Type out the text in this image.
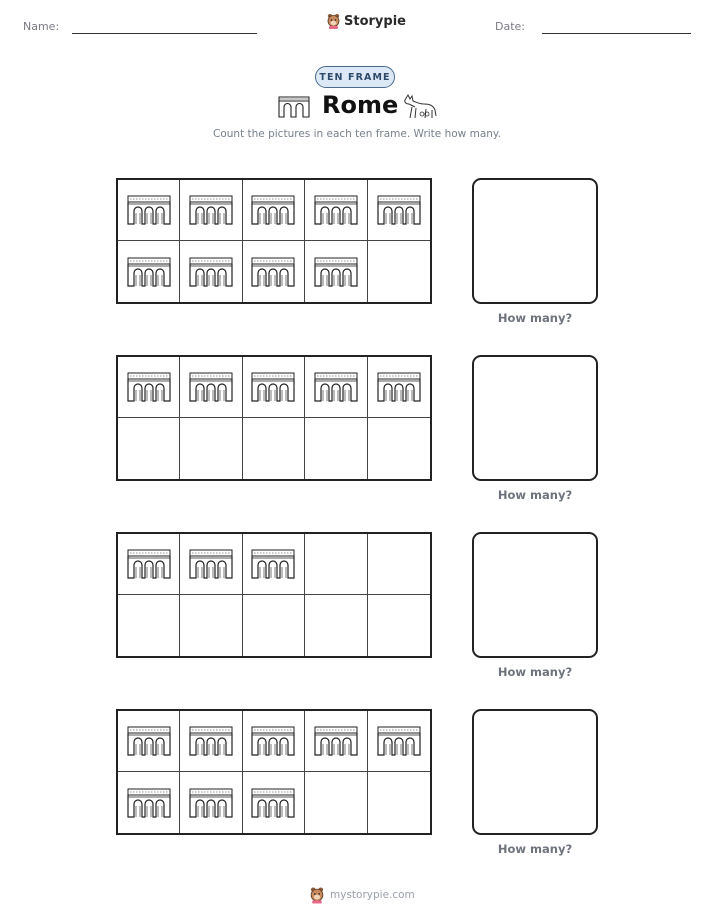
Name:	Storypie	Date:
TEN FRAME
Rome
Count the pictures in each ten frame. Write how many.
How many?
How many?
How many?
How many?
mystorypie.com
